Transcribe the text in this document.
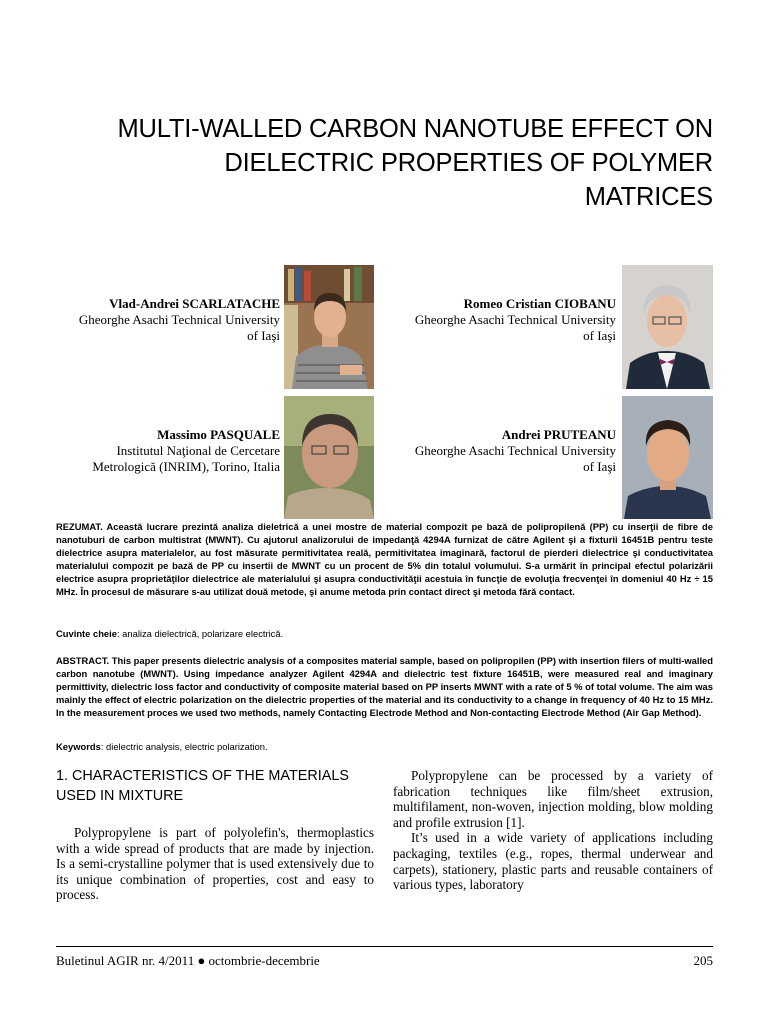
MULTI-WALLED CARBON NANOTUBE EFFECT ON
DIELECTRIC PROPERTIES OF POLYMER
MATRICES
Vlad-Andrei SCARLATACHE
Gheorghe Asachi Technical University
of Iaşi
Romeo Cristian CIOBANU
Gheorghe Asachi Technical University
of Iaşi
Massimo PASQUALE
Institutul Naţional de Cercetare
Metrologică (INRIM), Torino, Italia
Andrei PRUTEANU
Gheorghe Asachi Technical University
of Iaşi
REZUMAT. Această lucrare prezintă analiza dieletrică a unei mostre de material compozit pe bază de polipropilenă (PP) cu inserţii de fibre de nanotuburi de carbon multistrat (MWNT). Cu ajutorul analizorului de impedanţă 4294A furnizat de către Agilent şi a fixturii 16451B pentru teste dielectrice asupra materialelor, au fost măsurate permitivitatea reală, permitivitatea imaginară, factorul de pierderi dielectrice şi conductivitatea materialului compozit pe bază de PP cu insertii de MWNT cu un procent de 5% din totalul volumului. S-a urmărit în principal efectul polarizării electrice asupra proprietăţilor dielectrice ale materialului şi asupra conductivităţii acestuia în funcţie de evoluţia frecvenţei în domeniul 40 Hz ÷ 15 MHz. În procesul de măsurare s-au utilizat două metode, şi anume metoda prin contact direct şi metoda fără contact.
Cuvinte cheie: analiza dielectrică, polarizare electrică.
ABSTRACT. This paper presents dielectric analysis of a composites material sample, based on polipropilen (PP) with insertion filers of multi-walled carbon nanotube (MWNT). Using impedance analyzer Agilent 4294A and dielectric test fixture 16451B, were measured real and imaginary permittivity, dielectric loss factor and conductivity of composite material based on PP inserts MWNT with a rate of 5 % of total volume. The aim was mainly the effect of electric polarization on the dielectric properties of the material and its conductivity to a change in frequency of 40 Hz to 15 MHz. In the measurement proces we used two methods, namely Contacting Electrode Method and Non-contacting Electrode Method (Air Gap Method).
Keywords: dielectric analysis, electric polarization.
1. CHARACTERISTICS OF THE MATERIALS USED IN MIXTURE

Polypropylene is part of polyolefin's, thermoplastics with a wide spread of products that are made by injection. Is a semi-crystalline polymer that is used extensively due to its unique combination of properties, cost and easy to process.

Polypropylene can be processed by a variety of fabrication techniques like film/sheet extrusion, multifilament, non-woven, injection molding, blow molding and profile extrusion [1].

It’s used in a wide variety of applications including packaging, textiles (e.g., ropes, thermal underwear and carpets), stationery, plastic parts and reusable containers of various types, laboratory

Buletinul AGIR nr. 4/2011 ● octombrie-decembrie	205
